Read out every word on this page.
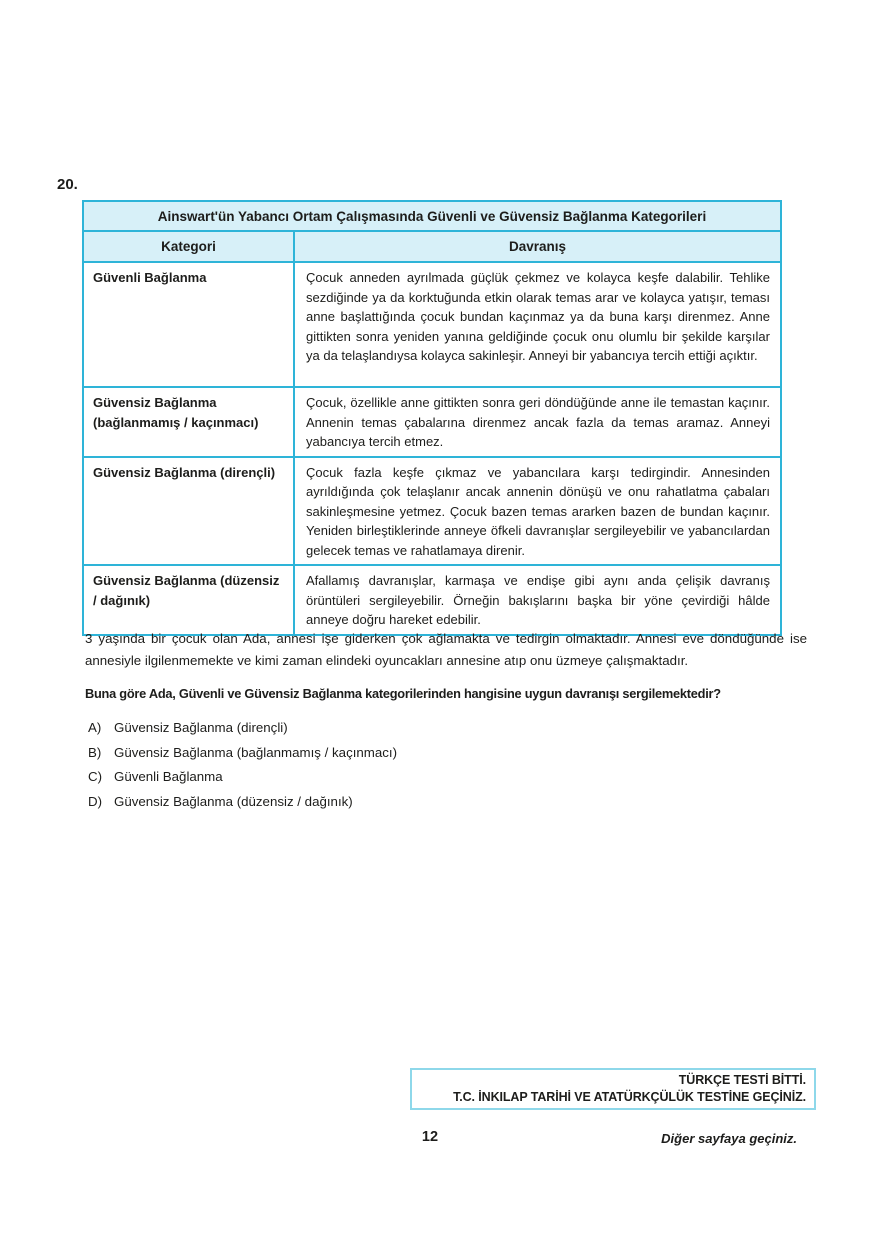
20.
Ainswart'ün Yabancı Ortam Çalışmasında Güvenli ve Güvensiz Bağlanma Kategorileri	
Kategori	Davranış
Güvenli Bağlanma	Çocuk anneden ayrılmada güçlük çekmez ve kolayca keşfe dalabilir. Tehlike sezdiğinde ya da korktuğunda etkin olarak temas arar ve kolayca yatışır, teması anne başlattığında çocuk bundan kaçınmaz ya da buna karşı direnmez. Anne gittikten sonra yeniden yanına geldiğinde çocuk onu olumlu bir şekilde karşılar ya da telaşlandıysa kolayca sakinleşir. Anneyi bir yabancıya tercih ettiği açıktır.
Güvensiz Bağlanma (bağlanmamış / kaçınmacı)	Çocuk, özellikle anne gittikten sonra geri döndüğünde anne ile temastan kaçınır. Annenin temas çabalarına direnmez ancak fazla da temas aramaz. Anneyi yabancıya tercih etmez.
Güvensiz Bağlanma (dirençli)	Çocuk fazla keşfe çıkmaz ve yabancılara karşı tedirgindir. Annesinden ayrıldığında çok telaşlanır ancak annenin dönüşü ve onu rahatlatma çabaları sakinleşmesine yetmez. Çocuk bazen temas ararken bazen de bundan kaçınır. Yeniden birleştiklerinde anneye öfkeli davranışlar sergileyebilir ve yabancılardan gelecek temas ve rahatlamaya direnir.
Güvensiz Bağlanma (düzensiz / dağınık)	Afallamış davranışlar, karmaşa ve endişe gibi aynı anda çelişik davranış örüntüleri sergileyebilir. Örneğin bakışlarını başka bir yöne çevirdiği hâlde anneye doğru hareket edebilir.
3 yaşında bir çocuk olan Ada, annesi işe giderken çok ağlamakta ve tedirgin olmaktadır. Annesi eve döndüğünde ise annesiyle ilgilenmemekte ve kimi zaman elindeki oyuncakları annesine atıp onu üzmeye çalışmaktadır.
Buna göre Ada, Güvenli ve Güvensiz Bağlanma kategorilerinden hangisine uygun davranışı sergilemektedir?
A) Güvensiz Bağlanma (dirençli)
B) Güvensiz Bağlanma (bağlanmamış / kaçınmacı)
C) Güvenli Bağlanma
D) Güvensiz Bağlanma (düzensiz / dağınık)
TÜRKÇE TESTİ BİTTİ.
T.C. İNKILAP TARİHİ VE ATATÜRKÇÜLÜK TESTİNE GEÇİNİZ.
12	Diğer sayfaya geçiniz.
